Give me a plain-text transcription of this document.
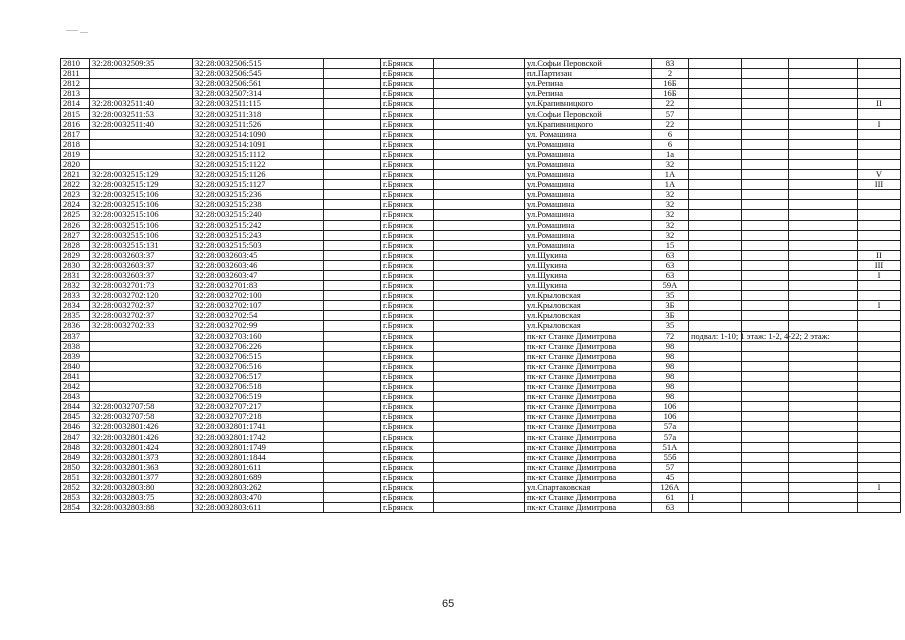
2810	32:28:0032509:35	32:28:0032506:515		г.Брянск		ул.Софьи Перовской	83				
2811		32:28:0032506:545		г.Брянск		пл.Партизан	2				
2812		32:28:0032506:561		г.Брянск		ул.Репина	16Б				
2813		32:28:0032507:314		г.Брянск		ул.Репина	16Б				
2814	32:28:0032511:40	32:28:0032511:115		г.Брянск		ул.Крапивницкого	22				II
2815	32:28:0032511:53	32:28:0032511:318		г.Брянск		ул.Софьи Перовской	57				
2816	32:28:0032511:40	32:28:0032511:526		г.Брянск		ул.Крапивницкого	22				I
2817		32:28:0032514:1090		г.Брянск		ул. Ромашина	6				
2818		32:28:0032514:1091		г.Брянск		ул.Ромашина	6				
2819		32:28:0032515:1112		г.Брянск		ул.Ромашина	1а				
2820		32:28:0032515:1122		г.Брянск		ул.Ромашина	32				
2821	32:28:0032515:129	32:28:0032515:1126		г.Брянск		ул.Ромашина	1А				V
2822	32:28:0032515:129	32:28:0032515:1127		г.Брянск		ул.Ромашина	1А				III
2823	32:28:0032515:106	32:28:0032515:236		г.Брянск		ул.Ромашина	32				
2824	32:28:0032515:106	32:28:0032515:238		г.Брянск		ул.Ромашина	32				
2825	32:28:0032515:106	32:28:0032515:240		г.Брянск		ул.Ромашина	32				
2826	32:28:0032515:106	32:28:0032515:242		г.Брянск		ул.Ромашина	32				
2827	32:28:0032515:106	32:28:0032515:243		г.Брянск		ул.Ромашина	32				
2828	32:28:0032515:131	32:28:0032515:503		г.Брянск		ул.Ромашина	15				
2829	32:28:0032603:37	32:28:0032603:45		г.Брянск		ул.Щукина	63				II
2830	32:28:0032603:37	32:28:0032603:46		г.Брянск		ул.Щукина	63				III
2831	32:28:0032603:37	32:28:0032603:47		г.Брянск		ул.Щукина	63				I
2832	32:28:0032701:73	32:28:0032701:83		г.Брянск		ул.Щукина	59А				
2833	32:28:0032702:120	32:28:0032702:100		г.Брянск		ул.Крыловская	35				
2834	32:28:0032702:37	32:28:0032702:107		г.Брянск		ул.Крыловская	3Б				I
2835	32:28:0032702:37	32:28:0032702:54		г.Брянск		ул.Крыловская	3Б				
2836	32:28:0032702:33	32:28:0032702:99		г.Брянск		ул.Крыловская	35				
2837		32:28:0032703:160		г.Брянск		пк-кт Станке Димитрова	72	подвал: 1-10; 1 этаж: 1-2, 4-22; 2 этаж:			
2838		32:28:0032706:226		г.Брянск		пк-кт Станке Димитрова	98				
2839		32:28:0032706:515		г.Брянск		пк-кт Станке Димитрова	98				
2840		32:28:0032706:516		г.Брянск		пк-кт Станке Димитрова	98				
2841		32:28:0032706:517		г.Брянск		пк-кт Станке Димитрова	98				
2842		32:28:0032706:518		г.Брянск		пк-кт Станке Димитрова	98				
2843		32:28:0032706:519		г.Брянск		пк-кт Станке Димитрова	98				
2844	32:28:0032707:58	32:28:0032707:217		г.Брянск		пк-кт Станке Димитрова	106				
2845	32:28:0032707:58	32:28:0032707:218		г.Брянск		пк-кт Станке Димитрова	106				
2846	32:28:0032801:426	32:28:0032801:1741		г.Брянск		пк-кт Станке Димитрова	57а				
2847	32:28:0032801:426	32:28:0032801:1742		г.Брянск		пк-кт Станке Димитрова	57а				
2848	32:28:0032801:424	32:28:0032801:1749		г.Брянск		пк-кт Станке Димитрова	51А				
2849	32:28:0032801:373	32:28:0032801:1844		г.Брянск		пк-кт Станке Димитрова	55б				
2850	32:28:0032801:363	32:28:0032801:611		г.Брянск		пк-кт Станке Димитрова	57				
2851	32:28:0032801:377	32:28:0032801:689		г.Брянск		пк-кт Станке Димитрова	45				
2852	32:28:0032803:80	32:28:0032803:262		г.Брянск		ул.Спартаковская	126А				I
2853	32:28:0032803:75	32:28:0032803:470		г.Брянск		пк-кт Станке Димитрова	61	I			
2854	32:28:0032803:88	32:28:0032803:611		г.Брянск		пк-кт Станке Димитрова	63				
65
